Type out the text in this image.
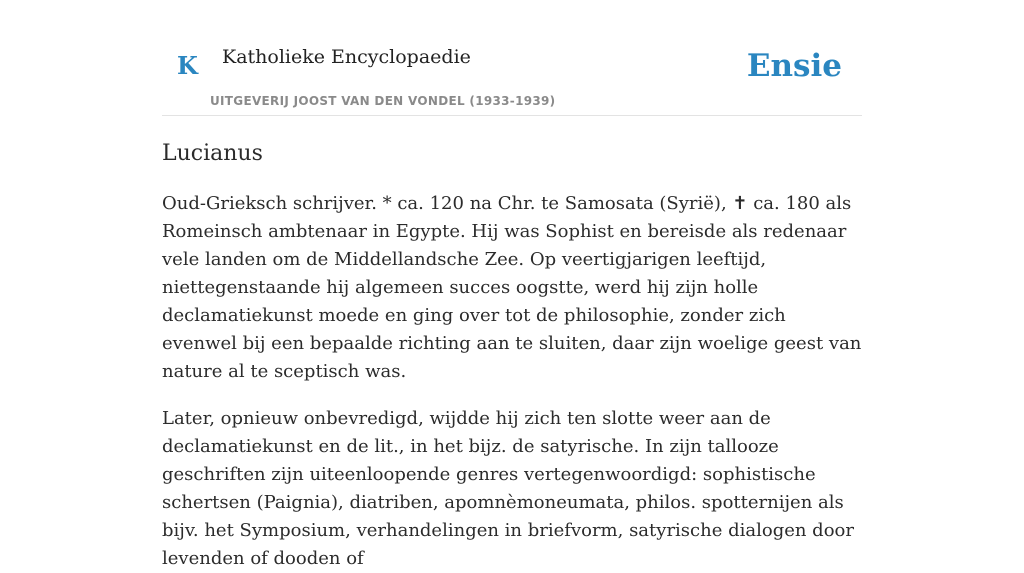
K Katholieke Encyclopaedie
UITGEVERIJ JOOST VAN DEN VONDEL (1933-1939)
Ensie
Lucianus

Oud-Grieksch schrijver. * ca. 120 na Chr. te Samosata (Syrië), ✝ ca. 180 als Romeinsch ambtenaar in Egypte. Hij was Sophist en bereisde als redenaar vele landen om de Middellandsche Zee. Op veertigjarigen leeftijd, niettegenstaande hij algemeen succes oogstte, werd hij zijn holle declamatiekunst moede en ging over tot de philosophie, zonder zich evenwel bij een bepaalde richting aan te sluiten, daar zijn woelige geest van nature al te sceptisch was.

Later, opnieuw onbevredigd, wijdde hij zich ten slotte weer aan de declamatiekunst en de lit., in het bijz. de satyrische. In zijn tallooze geschriften zijn uiteenloopende genres vertegenwoordigd: sophistische schertsen (Paignia), diatriben, apomnèmoneumata, philos. spotternijen als bijv. het Symposium, verhandelingen in briefvorm, satyrische dialogen door levenden of dooden of
